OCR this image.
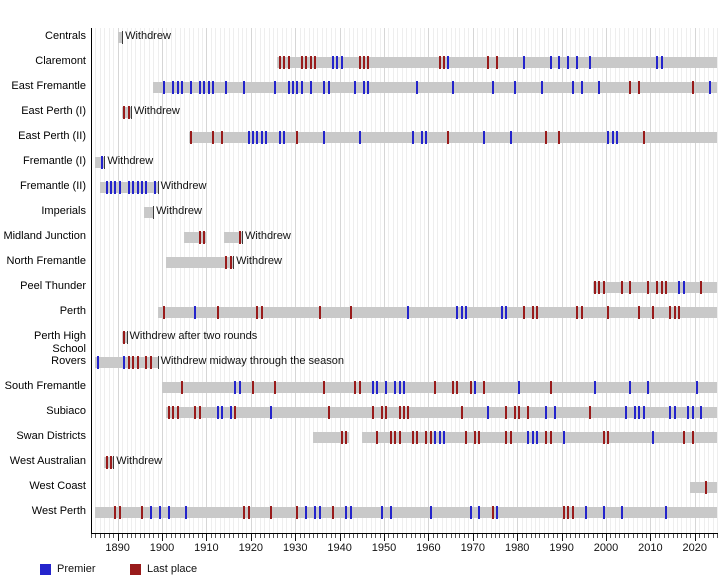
Centrals	Withdrew
Claremont
East Fremantle
East Perth (I)	Withdrew
East Perth (II)
Fremantle (I) Withdrew
Fremantle (II)	Withdrew
Imperials	Withdrew
Midland Junction	Withdrew
North Fremantle	Withdrew
Peel Thunder
Perth
Perth High School
Withdrew after two rounds
Rovers	Withdrew midway through the season
South Fremantle
Subiaco
Swan Districts
West Australian	Withdrew
West Coast
West Perth
1890	1900	1910	1920	1930	1940	1950	1960	1970	1980	1990	2000	2010	2020
Premier	Last place
